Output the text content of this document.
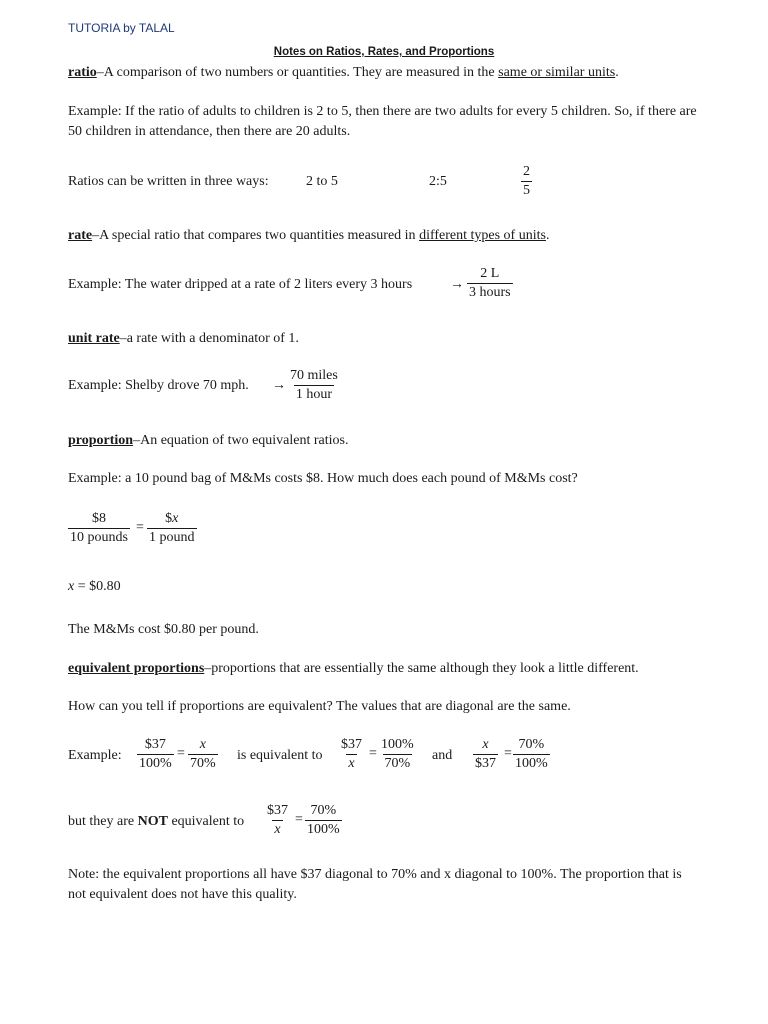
TUTORIA by TALAL
Notes on Ratios, Rates, and Proportions
ratio–A comparison of two numbers or quantities. They are measured in the same or similar units.
Example: If the ratio of adults to children is 2 to 5, then there are two adults for every 5 children. So, if there are 50 children in attendance, then there are 20 adults.
Ratios can be written in three ways:	2 to 5	2:5	$\frac{2}{5}$
rate–A special ratio that compares two quantities measured in different types of units.
Example: The water dripped at a rate of 2 liters every 3 hours	→
2 L
3 hours
unit rate–a rate with a denominator of 1.
Example: Shelby drove 70 mph. →
70 miles
1 hour
proportion–An equation of two equivalent ratios.
Example: a 10 pound bag of M&Ms costs $8. How much does each pound of M&Ms cost?
$8
10 pounds
=
$x
1 pound
x = $0.80
The M&Ms cost $0.80 per pound.
equivalent proportions–proportions that are essentially the same although they look a little different.
How can you tell if proportions are equivalent? The values that are diagonal are the same.
Example: $\frac{\$37}{100\%} = \frac{x}{70\%}$ is equivalent to $\frac{\$37}{x} = \frac{100\%}{70\%}$ and $\frac{x}{\$37} = \frac{70\%}{100\%}$
but they are NOT equivalent to $\frac{\$37}{x} = \frac{70\%}{100\%}$
Note: the equivalent proportions all have $37 diagonal to 70% and x diagonal to 100%. The proportion that is not equivalent does not have this quality.
